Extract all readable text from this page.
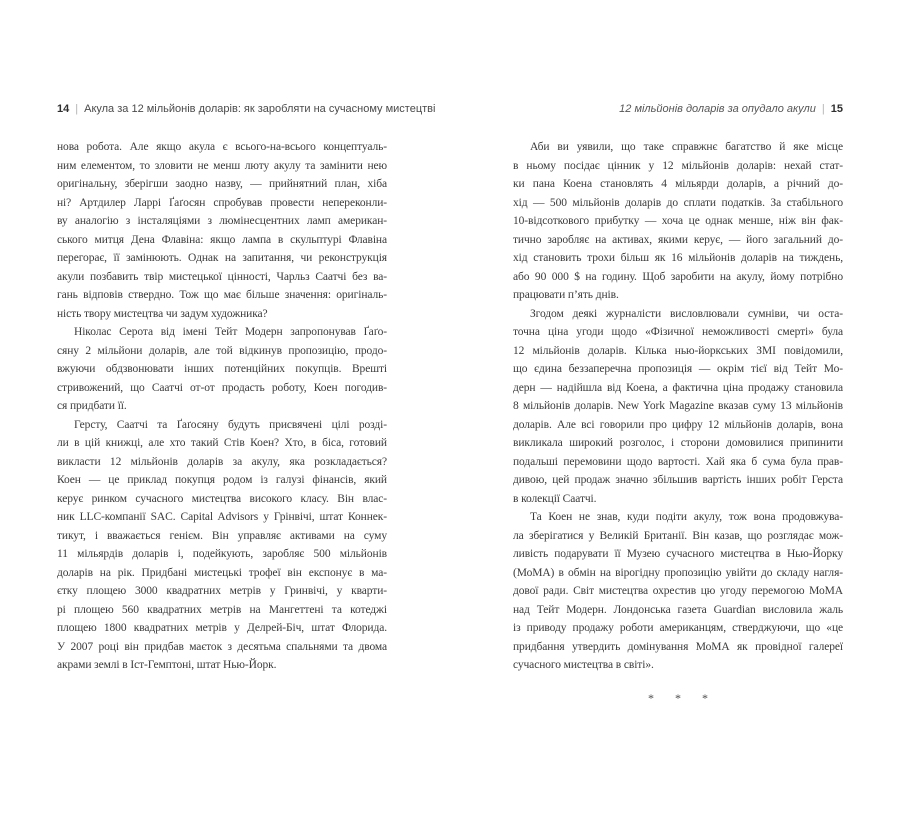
14 | Акула за 12 мільйонів доларів: як заробляти на сучасному мистецтві	12 мільйонів доларів за опудало акули | 15
нова робота. Але якщо акула є всього-на-всього концептуаль-
ним елементом, то зловити не менш люту акулу та замінити нею
оригінальну, зберігши заодно назву, — прийнятний план, хіба
ні? Артдилер Ларрі Ґаґосян спробував провести непереконли-
ву аналогію з інсталяціями з люмінесцентних ламп американ-
ського митця Дена Флавіна: якщо лампа в скульптурі Флавіна
перегорає, її замінюють. Однак на запитання, чи реконструкція
акули позбавить твір мистецької цінності, Чарльз Саатчі без ва-
гань відповів ствердно. Тож що має більше значення: оригіналь-
ність твору мистецтва чи задум художника?
Ніколас Серота від імені Тейт Модерн запропонував Ґаґо-
сяну 2 мільйони доларів, але той відкинув пропозицію, продо-
вжуючи обдзвонювати інших потенційних покупців. Врешті
стривожений, що Саатчі от-от продасть роботу, Коен погодив-
ся придбати її.
Герсту, Саатчі та Ґаґосяну будуть присвячені цілі розді-
ли в цій книжці, але хто такий Стів Коен? Хто, в біса, готовий
викласти 12 мільйонів доларів за акулу, яка розкладається?
Коен — це приклад покупця родом із галузі фінансів, який
керує ринком сучасного мистецтва високого класу. Він влас-
ник LLC-компанії SAC. Capital Advisors у Грінвічі, штат Коннек-
тикут, і вважається генієм. Він управляє активами на суму
11 мільярдів доларів і, подейкують, заробляє 500 мільйонів
доларів на рік. Придбані мистецькі трофеї він експонує в ма-
єтку площею 3000 квадратних метрів у Гринвічі, у кварти-
рі площею 560 квадратних метрів на Мангеттені та котеджі
площею 1800 квадратних метрів у Делрей-Біч, штат Флорида.
У 2007 році він придбав маєток з десятьма спальнями та двома
акрами землі в Іст-Гемптоні, штат Нью-Йорк.
Аби ви уявили, що таке справжнє багатство й яке місце
в ньому посідає цінник у 12 мільйонів доларів: нехай стат-
ки пана Коена становлять 4 мільярди доларів, а річний до-
хід — 500 мільйонів доларів до сплати податків. За стабільного
10-відсоткового прибутку — хоча це однак менше, ніж він фак-
тично заробляє на активах, якими керує, — його загальний до-
хід становить трохи більш як 16 мільйонів доларів на тиждень,
або 90 000 $ на годину. Щоб заробити на акулу, йому потрібно
працювати п’ять днів.
Згодом деякі журналісти висловлювали сумніви, чи оста-
точна ціна угоди щодо «Фізичної неможливості смерті» була
12 мільйонів доларів. Кілька нью-йоркських ЗМІ повідомили,
що єдина беззаперечна пропозиція — окрім тієї від Тейт Мо-
дерн — надійшла від Коена, а фактична ціна продажу становила
8 мільйонів доларів. New York Magazine вказав суму 13 мільйонів
доларів. Але всі говорили про цифру 12 мільйонів доларів, вона
викликала широкий розголос, і сторони домовилися припинити
подальші перемовини щодо вартості. Хай яка б сума була прав-
дивою, цей продаж значно збільшив вартість інших робіт Герста
в колекції Саатчі.
Та Коен не знав, куди подіти акулу, тож вона продовжува-
ла зберігатися у Великій Британії. Він казав, що розглядає мож-
ливість подарувати її Музею сучасного мистецтва в Нью-Йорку
(МоМА) в обмін на вірогідну пропозицію увійти до складу нагля-
дової ради. Світ мистецтва охрестив цю угоду перемогою МоМА
над Тейт Модерн. Лондонська газета Guardian висловила жаль
із приводу продажу роботи американцям, стверджуючи, що «це
придбання утвердить домінування МоМА як провідної галереї
сучасного мистецтва в світі».
* * *
